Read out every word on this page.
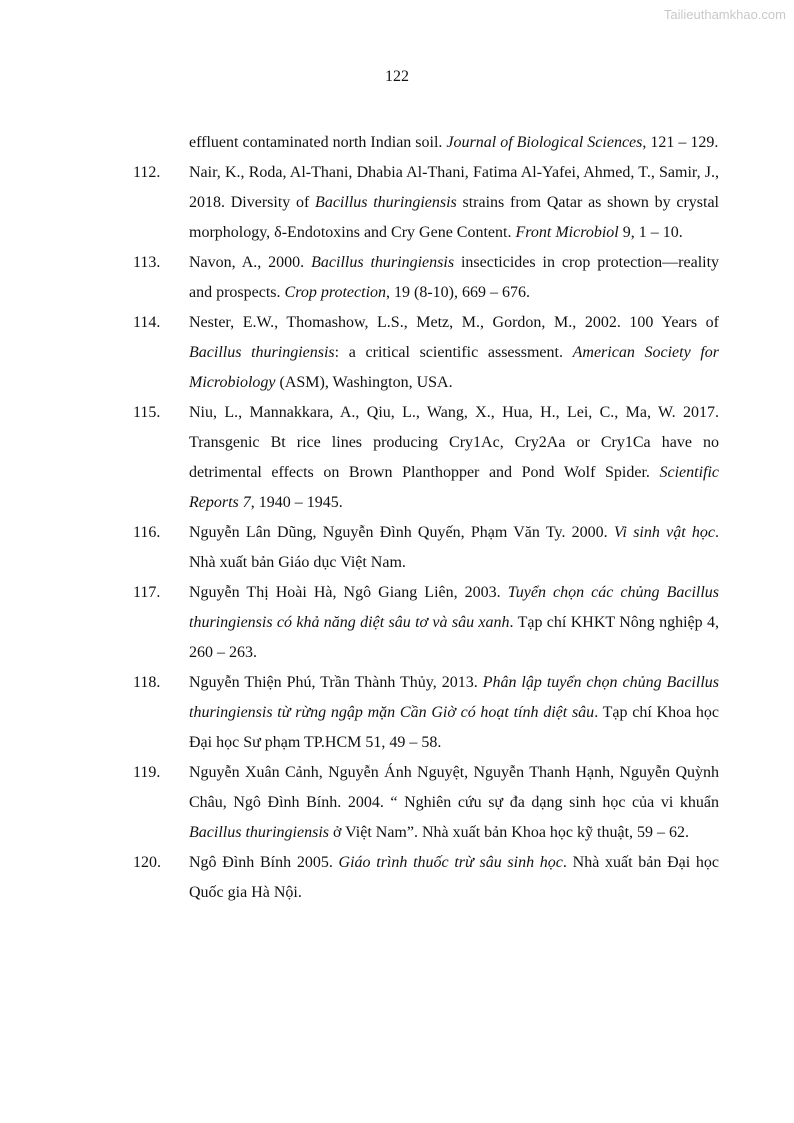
Tailieuthamkhao.com
122
effluent contaminated north Indian soil. Journal of Biological Sciences, 121 – 129.
112. Nair, K., Roda, Al-Thani, Dhabia Al-Thani, Fatima Al-Yafei, Ahmed, T., Samir, J., 2018. Diversity of Bacillus thuringiensis strains from Qatar as shown by crystal morphology, δ-Endotoxins and Cry Gene Content. Front Microbiol 9, 1 – 10.
113. Navon, A., 2000. Bacillus thuringiensis insecticides in crop protection—reality and prospects. Crop protection, 19 (8-10), 669 – 676.
114. Nester, E.W., Thomashow, L.S., Metz, M., Gordon, M., 2002. 100 Years of Bacillus thuringiensis: a critical scientific assessment. American Society for Microbiology (ASM), Washington, USA.
115. Niu, L., Mannakkara, A., Qiu, L., Wang, X., Hua, H., Lei, C., Ma, W. 2017. Transgenic Bt rice lines producing Cry1Ac, Cry2Aa or Cry1Ca have no detrimental effects on Brown Planthopper and Pond Wolf Spider. Scientific Reports 7, 1940 – 1945.
116. Nguyễn Lân Dũng, Nguyễn Đình Quyến, Phạm Văn Ty. 2000. Vi sinh vật học. Nhà xuất bản Giáo dục Việt Nam.
117. Nguyễn Thị Hoài Hà, Ngô Giang Liên, 2003. Tuyển chọn các chủng Bacillus thuringiensis có khả năng diệt sâu tơ và sâu xanh. Tạp chí KHKT Nông nghiệp 4, 260 – 263.
118. Nguyễn Thiện Phú, Trần Thành Thủy, 2013. Phân lập tuyển chọn chủng Bacillus thuringiensis từ rừng ngập mặn Cần Giờ có hoạt tính diệt sâu. Tạp chí Khoa học Đại học Sư phạm TP.HCM 51, 49 – 58.
119. Nguyễn Xuân Cảnh, Nguyễn Ánh Nguyệt, Nguyễn Thanh Hạnh, Nguyễn Quỳnh Châu, Ngô Đình Bính. 2004. “ Nghiên cứu sự đa dạng sinh học của vi khuẩn Bacillus thuringiensis ở Việt Nam”. Nhà xuất bản Khoa học kỹ thuật, 59 – 62.
120. Ngô Đình Bính 2005. Giáo trình thuốc trừ sâu sinh học. Nhà xuất bản Đại học Quốc gia Hà Nội.
